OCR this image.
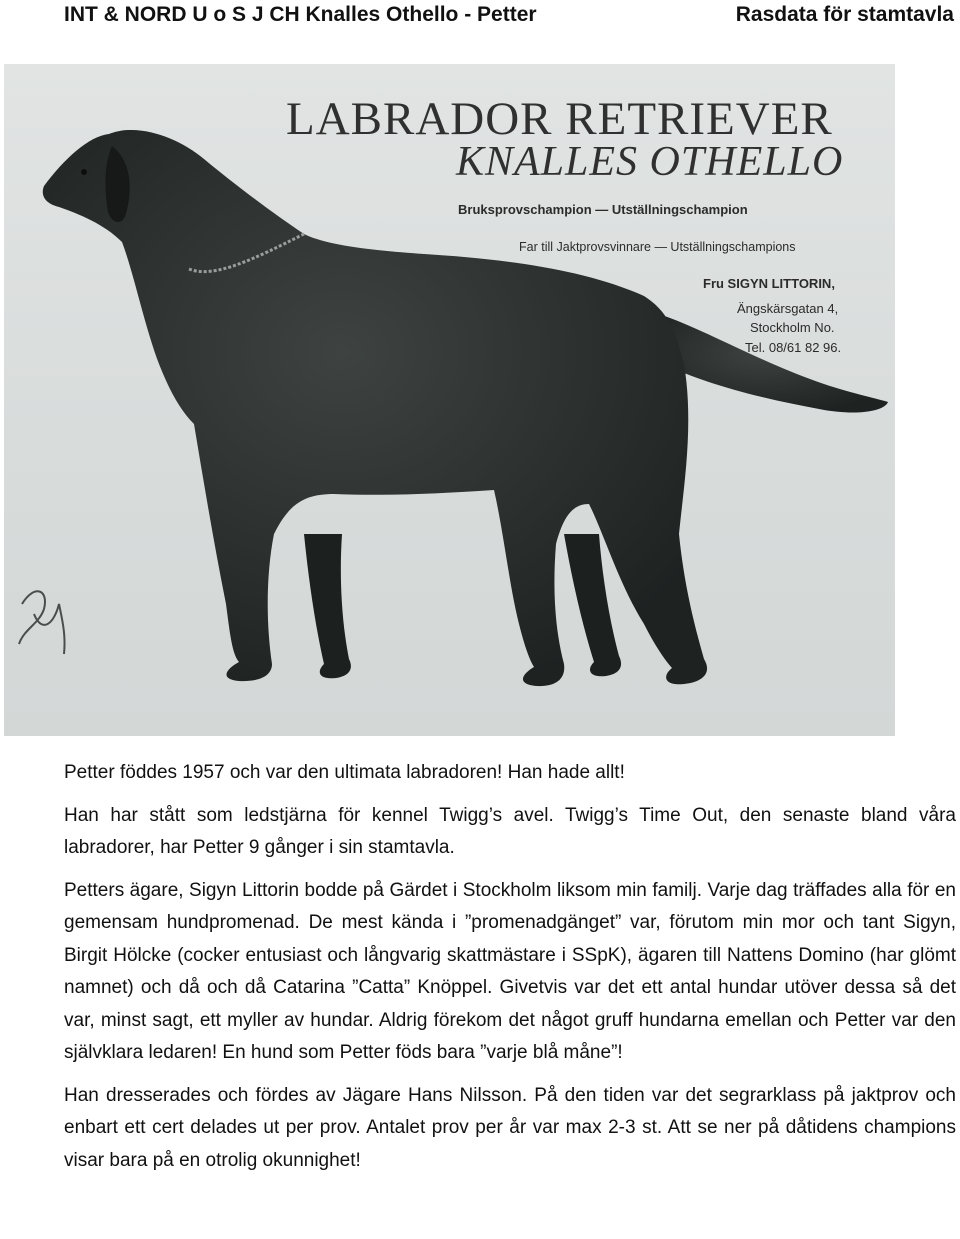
INT & NORD U o S J CH Knalles Othello - Petter	Rasdata för stamtavla
LABRADOR RETRIEVER
KNALLES OTHELLO
Bruksprovschampion — Utställningschampion
Far till Jaktprovsvinnare — Utställningschampions
Fru SIGYN LITTORIN,
Ängskärsgatan 4,
Stockholm No.
Tel. 08/61 82 96.

Petter föddes 1957 och var den ultimata labradoren! Han hade allt!

Han har stått som ledstjärna för kennel Twigg’s avel. Twigg’s Time Out, den senaste bland våra labradorer, har Petter 9 gånger i sin stamtavla.

Petters ägare, Sigyn Littorin bodde på Gärdet i Stockholm liksom min familj. Varje dag träffades alla för en gemensam hundpromenad. De mest kända i ”promenadgänget” var, förutom min mor och tant Sigyn, Birgit Hölcke (cocker entusiast och långvarig skattmästare i SSpK), ägaren till Nattens Domino (har glömt namnet) och då och då Catarina ”Catta” Knöppel. Givetvis var det ett antal hundar utöver dessa så det var, minst sagt, ett myller av hundar. Aldrig förekom det något gruff hundarna emellan och Petter var den självklara ledaren! En hund som Petter föds bara ”varje blå måne”!

Han dresserades och fördes av Jägare Hans Nilsson. På den tiden var det segrarklass på jaktprov och enbart ett cert delades ut per prov. Antalet prov per år var max 2-3 st. Att se ner på dåtidens champions visar bara på en otrolig okunnighet!
